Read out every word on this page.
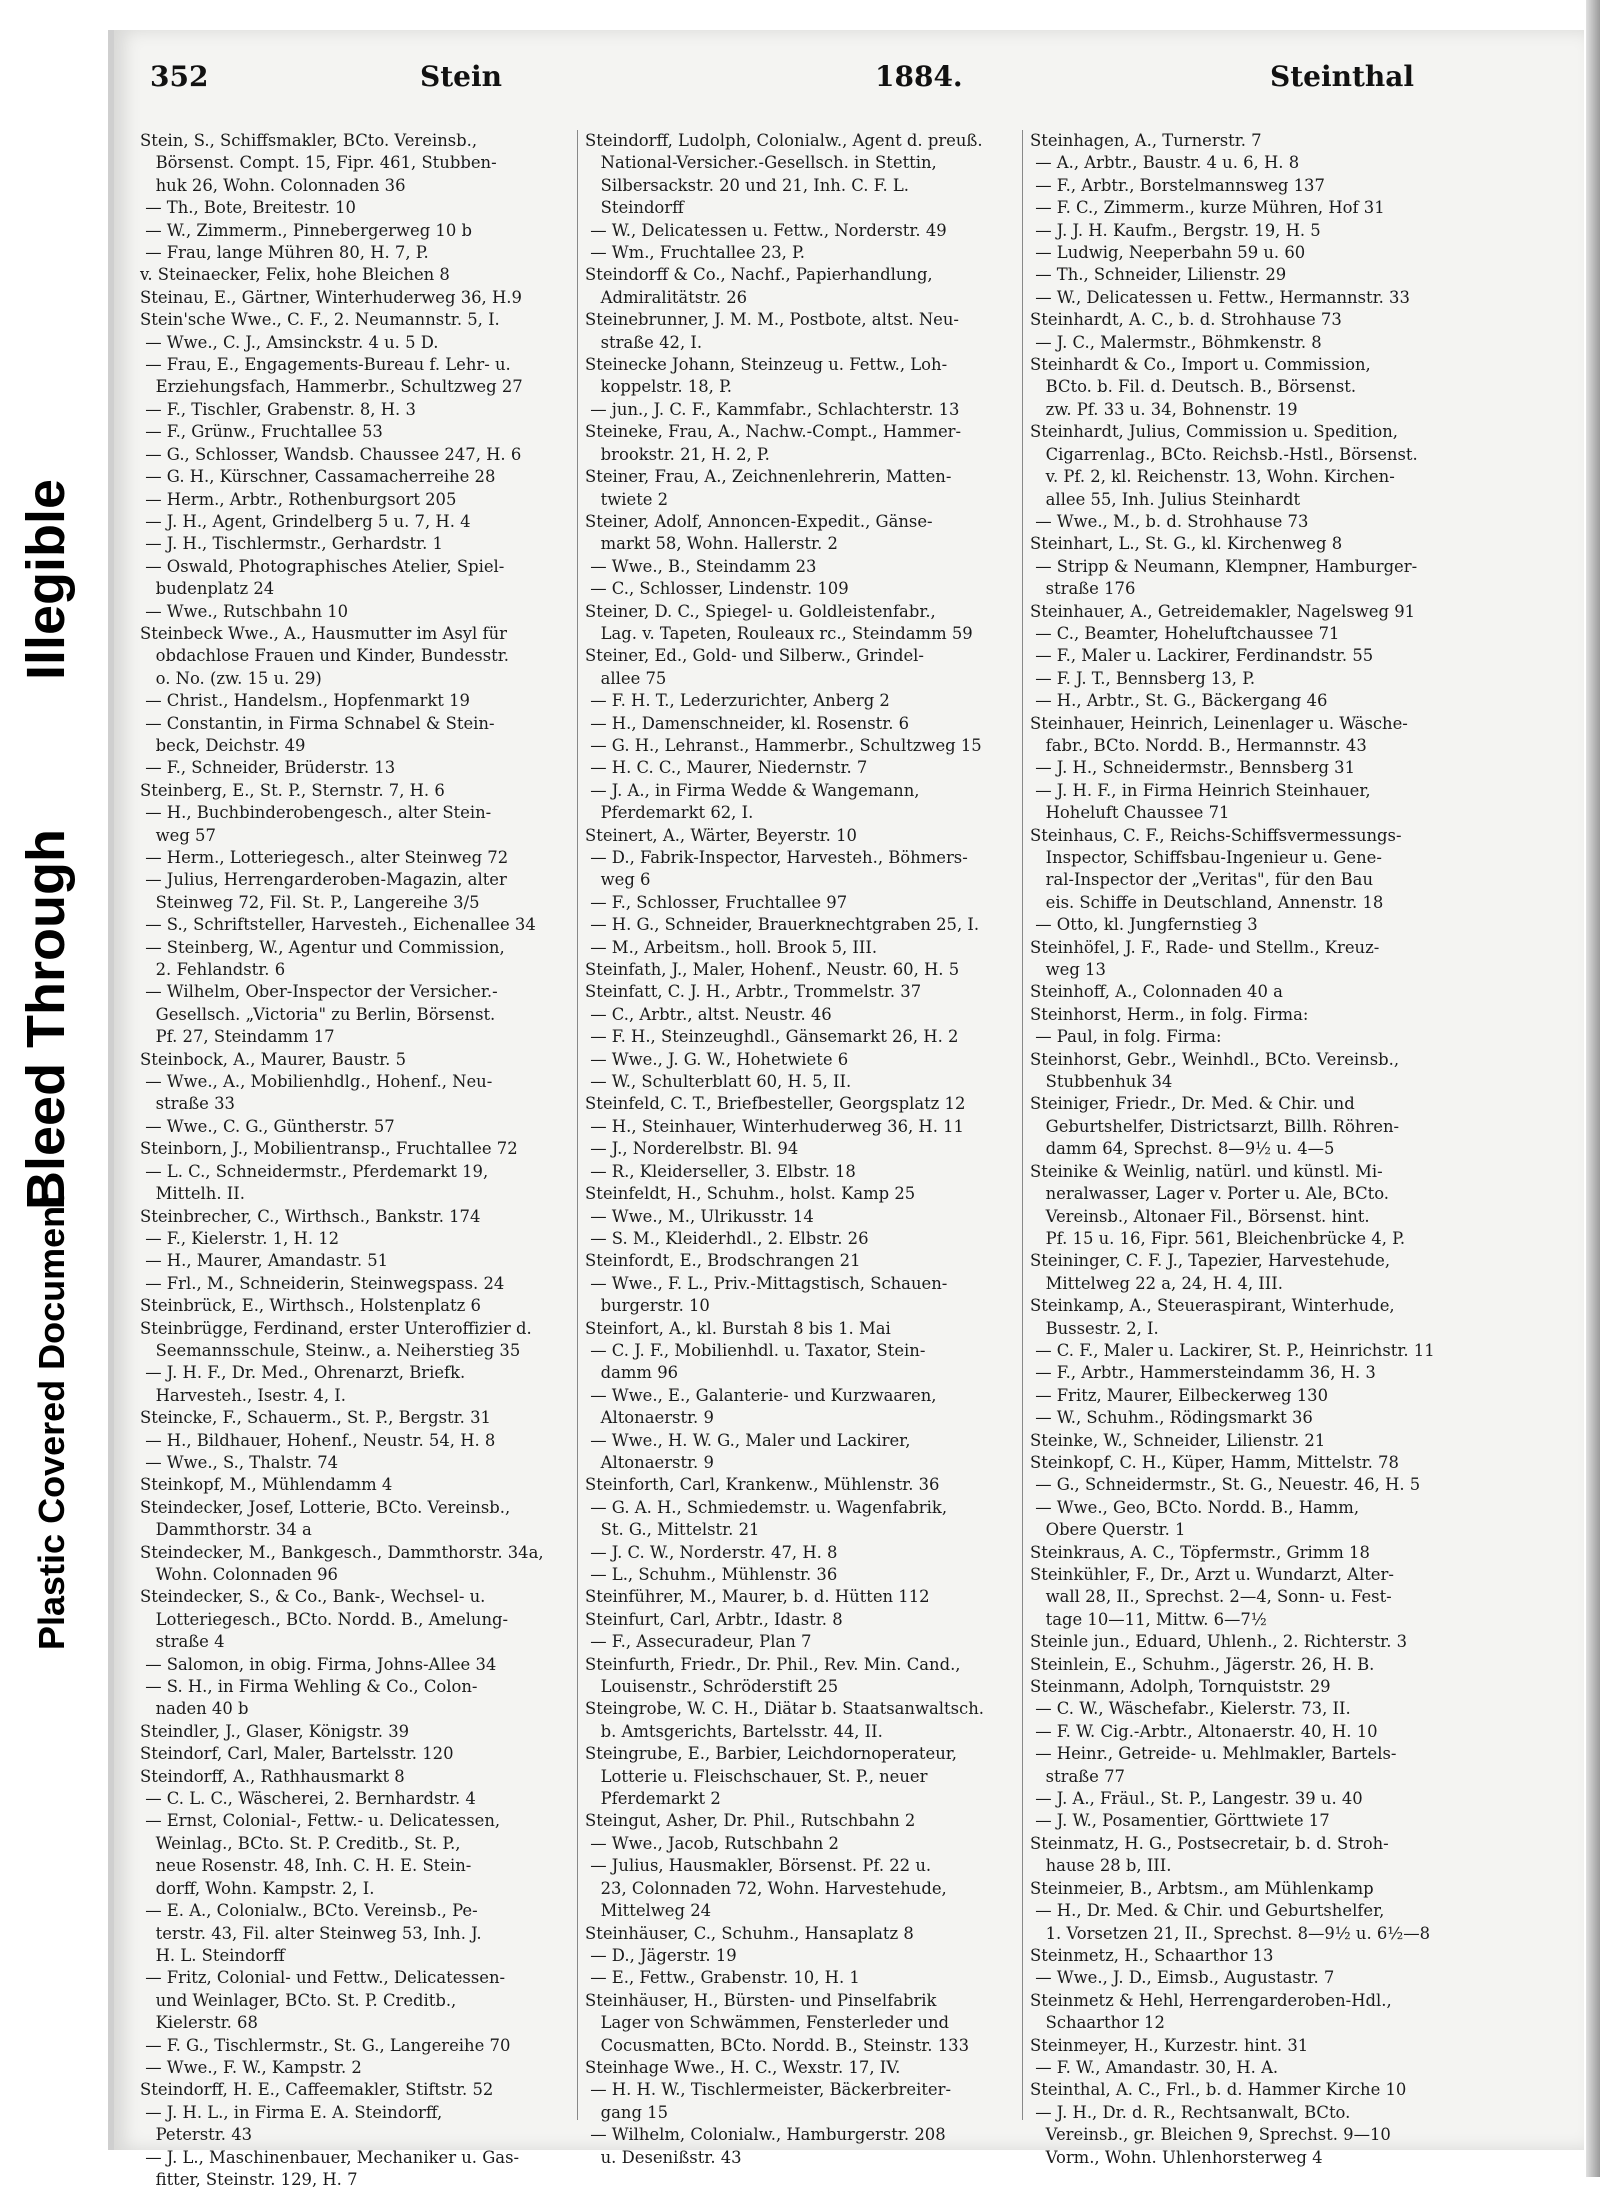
Plastic Covered Document
Bleed Through
Illegible
352	Stein	1884.	Steinthal
Stein, S., Schiffsmakler, BCto. Vereinsb.,
Börsenst. Compt. 15, Fipr. 461, Stubben-
huk 26, Wohn. Colonnaden 36
— Th., Bote, Breitestr. 10
— W., Zimmerm., Pinnebergerweg 10 b
— Frau, lange Mühren 80, H. 7, P.
v. Steinaecker, Felix, hohe Bleichen 8
Steinau, E., Gärtner, Winterhuderweg 36, H.9
Stein'sche Wwe., C. F., 2. Neumannstr. 5, I.
— Wwe., C. J., Amsinckstr. 4 u. 5 D.
— Frau, E., Engagements-Bureau f. Lehr- u.
Erziehungsfach, Hammerbr., Schultzweg 27
— F., Tischler, Grabenstr. 8, H. 3
— F., Grünw., Fruchtallee 53
— G., Schlosser, Wandsb. Chaussee 247, H. 6
— G. H., Kürschner, Cassamacherreihe 28
— Herm., Arbtr., Rothenburgsort 205
— J. H., Agent, Grindelberg 5 u. 7, H. 4
— J. H., Tischlermstr., Gerhardstr. 1
— Oswald, Photographisches Atelier, Spiel-
budenplatz 24
— Wwe., Rutschbahn 10
Steinbeck Wwe., A., Hausmutter im Asyl für
obdachlose Frauen und Kinder, Bundesstr.
o. No. (zw. 15 u. 29)
— Christ., Handelsm., Hopfenmarkt 19
— Constantin, in Firma Schnabel & Stein-
beck, Deichstr. 49
— F., Schneider, Brüderstr. 13
Steinberg, E., St. P., Sternstr. 7, H. 6
— H., Buchbinderobengesch., alter Stein-
weg 57
— Herm., Lotteriegesch., alter Steinweg 72
— Julius, Herrengarderoben-Magazin, alter
Steinweg 72, Fil. St. P., Langereihe 3/5
— S., Schriftsteller, Harvesteh., Eichenallee 34
— Steinberg, W., Agentur und Commission,
2. Fehlandstr. 6
— Wilhelm, Ober-Inspector der Versicher.-
Gesellsch. „Victoria" zu Berlin, Börsenst.
Pf. 27, Steindamm 17
Steinbock, A., Maurer, Baustr. 5
— Wwe., A., Mobilienhdlg., Hohenf., Neu-
straße 33
— Wwe., C. G., Güntherstr. 57
Steinborn, J., Mobilientransp., Fruchtallee 72
— L. C., Schneidermstr., Pferdemarkt 19,
Mittelh. II.
Steinbrecher, C., Wirthsch., Bankstr. 174
— F., Kielerstr. 1, H. 12
— H., Maurer, Amandastr. 51
— Frl., M., Schneiderin, Steinwegspass. 24
Steinbrück, E., Wirthsch., Holstenplatz 6
Steinbrügge, Ferdinand, erster Unteroffizier d.
Seemannsschule, Steinw., a. Neiherstieg 35
— J. H. F., Dr. Med., Ohrenarzt, Briefk.
Harvesteh., Isestr. 4, I.
Steincke, F., Schauerm., St. P., Bergstr. 31
— H., Bildhauer, Hohenf., Neustr. 54, H. 8
— Wwe., S., Thalstr. 74
Steinkopf, M., Mühlendamm 4
Steindecker, Josef, Lotterie, BCto. Vereinsb.,
Dammthorstr. 34 a
Steindecker, M., Bankgesch., Dammthorstr. 34a,
Wohn. Colonnaden 96
Steindecker, S., & Co., Bank-, Wechsel- u.
Lotteriegesch., BCto. Nordd. B., Amelung-
straße 4
— Salomon, in obig. Firma, Johns-Allee 34
— S. H., in Firma Wehling & Co., Colon-
naden 40 b
Steindler, J., Glaser, Königstr. 39
Steindorf, Carl, Maler, Bartelsstr. 120
Steindorff, A., Rathhausmarkt 8
— C. L. C., Wäscherei, 2. Bernhardstr. 4
— Ernst, Colonial-, Fettw.- u. Delicatessen,
Weinlag., BCto. St. P. Creditb., St. P.,
neue Rosenstr. 48, Inh. C. H. E. Stein-
dorff, Wohn. Kampstr. 2, I.
— E. A., Colonialw., BCto. Vereinsb., Pe-
terstr. 43, Fil. alter Steinweg 53, Inh. J.
H. L. Steindorff
— Fritz, Colonial- und Fettw., Delicatessen-
und Weinlager, BCto. St. P. Creditb.,
Kielerstr. 68
— F. G., Tischlermstr., St. G., Langereihe 70
— Wwe., F. W., Kampstr. 2
Steindorff, H. E., Caffeemakler, Stiftstr. 52
— J. H. L., in Firma E. A. Steindorff,
Peterstr. 43
— J. L., Maschinenbauer, Mechaniker u. Gas-
fitter, Steinstr. 129, H. 7
Steindorff, Ludolph, Colonialw., Agent d. preuß.
National-Versicher.-Gesellsch. in Stettin,
Silbersackstr. 20 und 21, Inh. C. F. L.
Steindorff
— W., Delicatessen u. Fettw., Norderstr. 49
— Wm., Fruchtallee 23, P.
Steindorff & Co., Nachf., Papierhandlung,
Admiralitätstr. 26
Steinebrunner, J. M. M., Postbote, altst. Neu-
straße 42, I.
Steinecke Johann, Steinzeug u. Fettw., Loh-
koppelstr. 18, P.
— jun., J. C. F., Kammfabr., Schlachterstr. 13
Steineke, Frau, A., Nachw.-Compt., Hammer-
brookstr. 21, H. 2, P.
Steiner, Frau, A., Zeichnenlehrerin, Matten-
twiete 2
Steiner, Adolf, Annoncen-Expedit., Gänse-
markt 58, Wohn. Hallerstr. 2
— Wwe., B., Steindamm 23
— C., Schlosser, Lindenstr. 109
Steiner, D. C., Spiegel- u. Goldleistenfabr.,
Lag. v. Tapeten, Rouleaux rc., Steindamm 59
Steiner, Ed., Gold- und Silberw., Grindel-
allee 75
— F. H. T., Lederzurichter, Anberg 2
— H., Damenschneider, kl. Rosenstr. 6
— G. H., Lehranst., Hammerbr., Schultzweg 15
— H. C. C., Maurer, Niedernstr. 7
— J. A., in Firma Wedde & Wangemann,
Pferdemarkt 62, I.
Steinert, A., Wärter, Beyerstr. 10
— D., Fabrik-Inspector, Harvesteh., Böhmers-
weg 6
— F., Schlosser, Fruchtallee 97
— H. G., Schneider, Brauerknechtgraben 25, I.
— M., Arbeitsm., holl. Brook 5, III.
Steinfath, J., Maler, Hohenf., Neustr. 60, H. 5
Steinfatt, C. J. H., Arbtr., Trommelstr. 37
— C., Arbtr., altst. Neustr. 46
— F. H., Steinzeughdl., Gänsemarkt 26, H. 2
— Wwe., J. G. W., Hohetwiete 6
— W., Schulterblatt 60, H. 5, II.
Steinfeld, C. T., Briefbesteller, Georgsplatz 12
— H., Steinhauer, Winterhuderweg 36, H. 11
— J., Norderelbstr. Bl. 94
— R., Kleiderseller, 3. Elbstr. 18
Steinfeldt, H., Schuhm., holst. Kamp 25
— Wwe., M., Ulrikusstr. 14
— S. M., Kleiderhdl., 2. Elbstr. 26
Steinfordt, E., Brodschrangen 21
— Wwe., F. L., Priv.-Mittagstisch, Schauen-
burgerstr. 10
Steinfort, A., kl. Burstah 8 bis 1. Mai
— C. J. F., Mobilienhdl. u. Taxator, Stein-
damm 96
— Wwe., E., Galanterie- und Kurzwaaren,
Altonaerstr. 9
— Wwe., H. W. G., Maler und Lackirer,
Altonaerstr. 9
Steinforth, Carl, Krankenw., Mühlenstr. 36
— G. A. H., Schmiedemstr. u. Wagenfabrik,
St. G., Mittelstr. 21
— J. C. W., Norderstr. 47, H. 8
— L., Schuhm., Mühlenstr. 36
Steinführer, M., Maurer, b. d. Hütten 112
Steinfurt, Carl, Arbtr., Idastr. 8
— F., Assecuradeur, Plan 7
Steinfurth, Friedr., Dr. Phil., Rev. Min. Cand.,
Louisenstr., Schröderstift 25
Steingrobe, W. C. H., Diätar b. Staatsanwaltsch.
b. Amtsgerichts, Bartelsstr. 44, II.
Steingrube, E., Barbier, Leichdornoperateur,
Lotterie u. Fleischschauer, St. P., neuer
Pferdemarkt 2
Steingut, Asher, Dr. Phil., Rutschbahn 2
— Wwe., Jacob, Rutschbahn 2
— Julius, Hausmakler, Börsenst. Pf. 22 u.
23, Colonnaden 72, Wohn. Harvestehude,
Mittelweg 24
Steinhäuser, C., Schuhm., Hansaplatz 8
— D., Jägerstr. 19
— E., Fettw., Grabenstr. 10, H. 1
Steinhäuser, H., Bürsten- und Pinselfabrik
Lager von Schwämmen, Fensterleder und
Cocusmatten, BCto. Nordd. B., Steinstr. 133
Steinhage Wwe., H. C., Wexstr. 17, IV.
— H. H. W., Tischlermeister, Bäckerbreiter-
gang 15
— Wilhelm, Colonialw., Hamburgerstr. 208
u. Desenißstr. 43
Steinhagen, A., Turnerstr. 7
— A., Arbtr., Baustr. 4 u. 6, H. 8
— F., Arbtr., Borstelmannsweg 137
— F. C., Zimmerm., kurze Mühren, Hof 31
— J. J. H. Kaufm., Bergstr. 19, H. 5
— Ludwig, Neeperbahn 59 u. 60
— Th., Schneider, Lilienstr. 29
— W., Delicatessen u. Fettw., Hermannstr. 33
Steinhardt, A. C., b. d. Strohhause 73
— J. C., Malermstr., Böhmkenstr. 8
Steinhardt & Co., Import u. Commission,
BCto. b. Fil. d. Deutsch. B., Börsenst.
zw. Pf. 33 u. 34, Bohnenstr. 19
Steinhardt, Julius, Commission u. Spedition,
Cigarrenlag., BCto. Reichsb.-Hstl., Börsenst.
v. Pf. 2, kl. Reichenstr. 13, Wohn. Kirchen-
allee 55, Inh. Julius Steinhardt
— Wwe., M., b. d. Strohhause 73
Steinhart, L., St. G., kl. Kirchenweg 8
— Stripp & Neumann, Klempner, Hamburger-
straße 176
Steinhauer, A., Getreidemakler, Nagelsweg 91
— C., Beamter, Hoheluftchaussee 71
— F., Maler u. Lackirer, Ferdinandstr. 55
— F. J. T., Bennsberg 13, P.
— H., Arbtr., St. G., Bäckergang 46
Steinhauer, Heinrich, Leinenlager u. Wäsche-
fabr., BCto. Nordd. B., Hermannstr. 43
— J. H., Schneidermstr., Bennsberg 31
— J. H. F., in Firma Heinrich Steinhauer,
Hoheluft Chaussee 71
Steinhaus, C. F., Reichs-Schiffsvermessungs-
Inspector, Schiffsbau-Ingenieur u. Gene-
ral-Inspector der „Veritas", für den Bau
eis. Schiffe in Deutschland, Annenstr. 18
— Otto, kl. Jungfernstieg 3
Steinhöfel, J. F., Rade- und Stellm., Kreuz-
weg 13
Steinhoff, A., Colonnaden 40 a
Steinhorst, Herm., in folg. Firma:
— Paul, in folg. Firma:
Steinhorst, Gebr., Weinhdl., BCto. Vereinsb.,
Stubbenhuk 34
Steiniger, Friedr., Dr. Med. & Chir. und
Geburtshelfer, Districtsarzt, Billh. Röhren-
damm 64, Sprechst. 8—9½ u. 4—5
Steinike & Weinlig, natürl. und künstl. Mi-
neralwasser, Lager v. Porter u. Ale, BCto.
Vereinsb., Altonaer Fil., Börsenst. hint.
Pf. 15 u. 16, Fipr. 561, Bleichenbrücke 4, P.
Steininger, C. F. J., Tapezier, Harvestehude,
Mittelweg 22 a, 24, H. 4, III.
Steinkamp, A., Steueraspirant, Winterhude,
Bussestr. 2, I.
— C. F., Maler u. Lackirer, St. P., Heinrichstr. 11
— F., Arbtr., Hammersteindamm 36, H. 3
— Fritz, Maurer, Eilbeckerweg 130
— W., Schuhm., Rödingsmarkt 36
Steinke, W., Schneider, Lilienstr. 21
Steinkopf, C. H., Küper, Hamm, Mittelstr. 78
— G., Schneidermstr., St. G., Neuestr. 46, H. 5
— Wwe., Geo, BCto. Nordd. B., Hamm,
Obere Querstr. 1
Steinkraus, A. C., Töpfermstr., Grimm 18
Steinkühler, F., Dr., Arzt u. Wundarzt, Alter-
wall 28, II., Sprechst. 2—4, Sonn- u. Fest-
tage 10—11, Mittw. 6—7½
Steinle jun., Eduard, Uhlenh., 2. Richterstr. 3
Steinlein, E., Schuhm., Jägerstr. 26, H. B.
Steinmann, Adolph, Tornquiststr. 29
— C. W., Wäschefabr., Kielerstr. 73, II.
— F. W. Cig.-Arbtr., Altonaerstr. 40, H. 10
— Heinr., Getreide- u. Mehlmakler, Bartels-
straße 77
— J. A., Fräul., St. P., Langestr. 39 u. 40
— J. W., Posamentier, Görttwiete 17
Steinmatz, H. G., Postsecretair, b. d. Stroh-
hause 28 b, III.
Steinmeier, B., Arbtsm., am Mühlenkamp
— H., Dr. Med. & Chir. und Geburtshelfer,
1. Vorsetzen 21, II., Sprechst. 8—9½ u. 6½—8
Steinmetz, H., Schaarthor 13
— Wwe., J. D., Eimsb., Augustastr. 7
Steinmetz & Hehl, Herrengarderoben-Hdl.,
Schaarthor 12
Steinmeyer, H., Kurzestr. hint. 31
— F. W., Amandastr. 30, H. A.
Steinthal, A. C., Frl., b. d. Hammer Kirche 10
— J. H., Dr. d. R., Rechtsanwalt, BCto.
Vereinsb., gr. Bleichen 9, Sprechst. 9—10
Vorm., Wohn. Uhlenhorsterweg 4
